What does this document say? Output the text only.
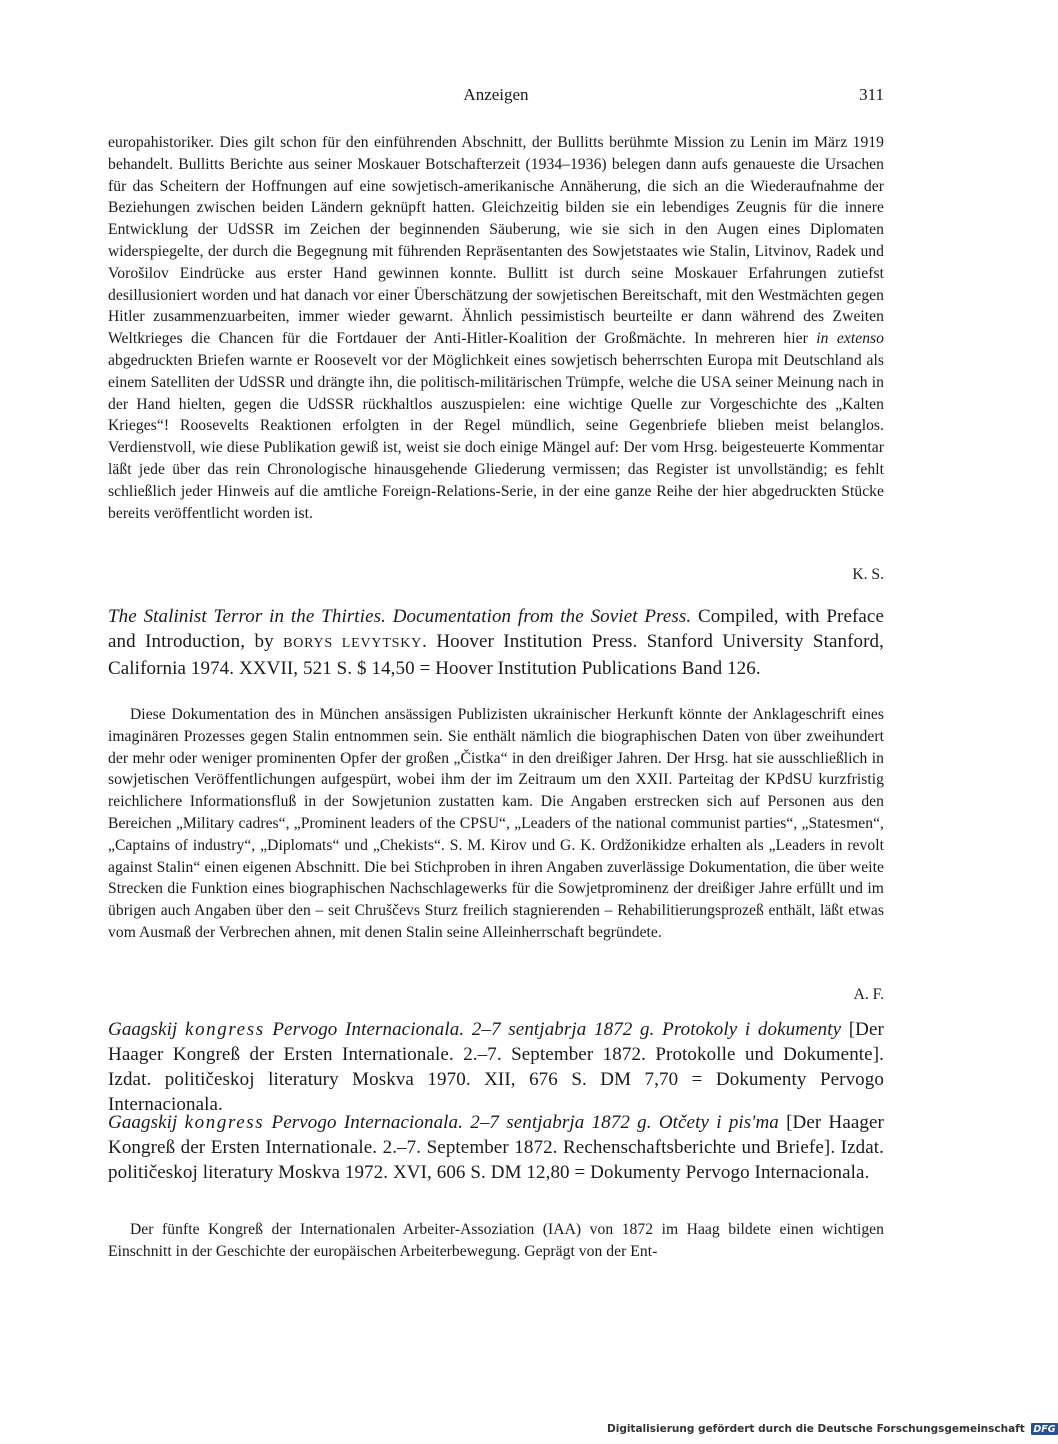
Anzeigen	311

europahistoriker. Dies gilt schon für den einführenden Abschnitt, der Bullitts berühmte Mission zu Lenin im März 1919 behandelt. Bullitts Berichte aus seiner Moskauer Botschafterzeit (1934–1936) belegen dann aufs genaueste die Ursachen für das Scheitern der Hoffnungen auf eine sowjetisch-amerikanische Annäherung, die sich an die Wiederaufnahme der Beziehungen zwischen beiden Ländern geknüpft hatten. Gleichzeitig bilden sie ein lebendiges Zeugnis für die innere Entwicklung der UdSSR im Zeichen der beginnenden Säuberung, wie sie sich in den Augen eines Diplomaten widerspiegelte, der durch die Begegnung mit führenden Repräsentanten des Sowjetstaates wie Stalin, Litvinov, Radek und Vorošilov Eindrücke aus erster Hand gewinnen konnte. Bullitt ist durch seine Moskauer Erfahrungen zutiefst desillusioniert worden und hat danach vor einer Überschätzung der sowjetischen Bereitschaft, mit den Westmächten gegen Hitler zusammenzuarbeiten, immer wieder gewarnt. Ähnlich pessimistisch beurteilte er dann während des Zweiten Weltkrieges die Chancen für die Fortdauer der Anti-Hitler-Koalition der Großmächte. In mehreren hier in extenso abgedruckten Briefen warnte er Roosevelt vor der Möglichkeit eines sowjetisch beherrschten Europa mit Deutschland als einem Satelliten der UdSSR und drängte ihn, die politisch-militärischen Trümpfe, welche die USA seiner Meinung nach in der Hand hielten, gegen die UdSSR rückhaltlos auszuspielen: eine wichtige Quelle zur Vorgeschichte des „Kalten Krieges“! Roosevelts Reaktionen erfolgten in der Regel mündlich, seine Gegenbriefe blieben meist belanglos. Verdienstvoll, wie diese Publikation gewiß ist, weist sie doch einige Mängel auf: Der vom Hrsg. beigesteuerte Kommentar läßt jede über das rein Chronologische hinausgehende Gliederung vermissen; das Register ist unvollständig; es fehlt schließlich jeder Hinweis auf die amtliche Foreign-Relations-Serie, in der eine ganze Reihe der hier abgedruckten Stücke bereits veröffentlicht worden ist.

K. S.

The Stalinist Terror in the Thirties. Documentation from the Soviet Press. Compiled, with Preface and Introduction, by BORYS LEVYTSKY. Hoover Institution Press. Stanford University Stanford, California 1974. XXVII, 521 S. $ 14,50 = Hoover Institution Publications Band 126.

Diese Dokumentation des in München ansässigen Publizisten ukrainischer Herkunft könnte der Anklageschrift eines imaginären Prozesses gegen Stalin entnommen sein. Sie enthält nämlich die biographischen Daten von über zweihundert der mehr oder weniger prominenten Opfer der großen „Čistka“ in den dreißiger Jahren. Der Hrsg. hat sie ausschließlich in sowjetischen Veröffentlichungen aufgespürt, wobei ihm der im Zeitraum um den XXII. Parteitag der KPdSU kurzfristig reichlichere Informationsfluß in der Sowjetunion zustatten kam. Die Angaben erstrecken sich auf Personen aus den Bereichen „Military cadres“, „Prominent leaders of the CPSU“, „Leaders of the national communist parties“, „Statesmen“, „Captains of industry“, „Diplomats“ und „Chekists“. S. M. Kirov und G. K. Ordžonikidze erhalten als „Leaders in revolt against Stalin“ einen eigenen Abschnitt. Die bei Stichproben in ihren Angaben zuverlässige Dokumentation, die über weite Strecken die Funktion eines biographischen Nachschlagewerks für die Sowjetprominenz der dreißiger Jahre erfüllt und im übrigen auch Angaben über den – seit Chruščevs Sturz freilich stagnierenden – Rehabilitierungsprozeß enthält, läßt etwas vom Ausmaß der Verbrechen ahnen, mit denen Stalin seine Alleinherrschaft begründete.

A. F.

Gaagskij kongress Pervogo Internacionala. 2–7 sentjabrja 1872 g. Protokoly i dokumenty [Der Haager Kongreß der Ersten Internationale. 2.–7. September 1872. Protokolle und Dokumente]. Izdat. političeskoj literatury Moskva 1970. XII, 676 S. DM 7,70 = Dokumenty Pervogo Internacionala.

Gaagskij kongress Pervogo Internacionala. 2–7 sentjabrja 1872 g. Otčety i pis'ma [Der Haager Kongreß der Ersten Internationale. 2.–7. September 1872. Rechenschaftsberichte und Briefe]. Izdat. političeskoj literatury Moskva 1972. XVI, 606 S. DM 12,80 = Dokumenty Pervogo Internacionala.

Der fünfte Kongreß der Internationalen Arbeiter-Assoziation (IAA) von 1872 im Haag bildete einen wichtigen Einschnitt in der Geschichte der europäischen Arbeiterbewegung. Geprägt von der Ent-

Digitalisierung gefördert durch die Deutsche Forschungsgemeinschaft DFG
